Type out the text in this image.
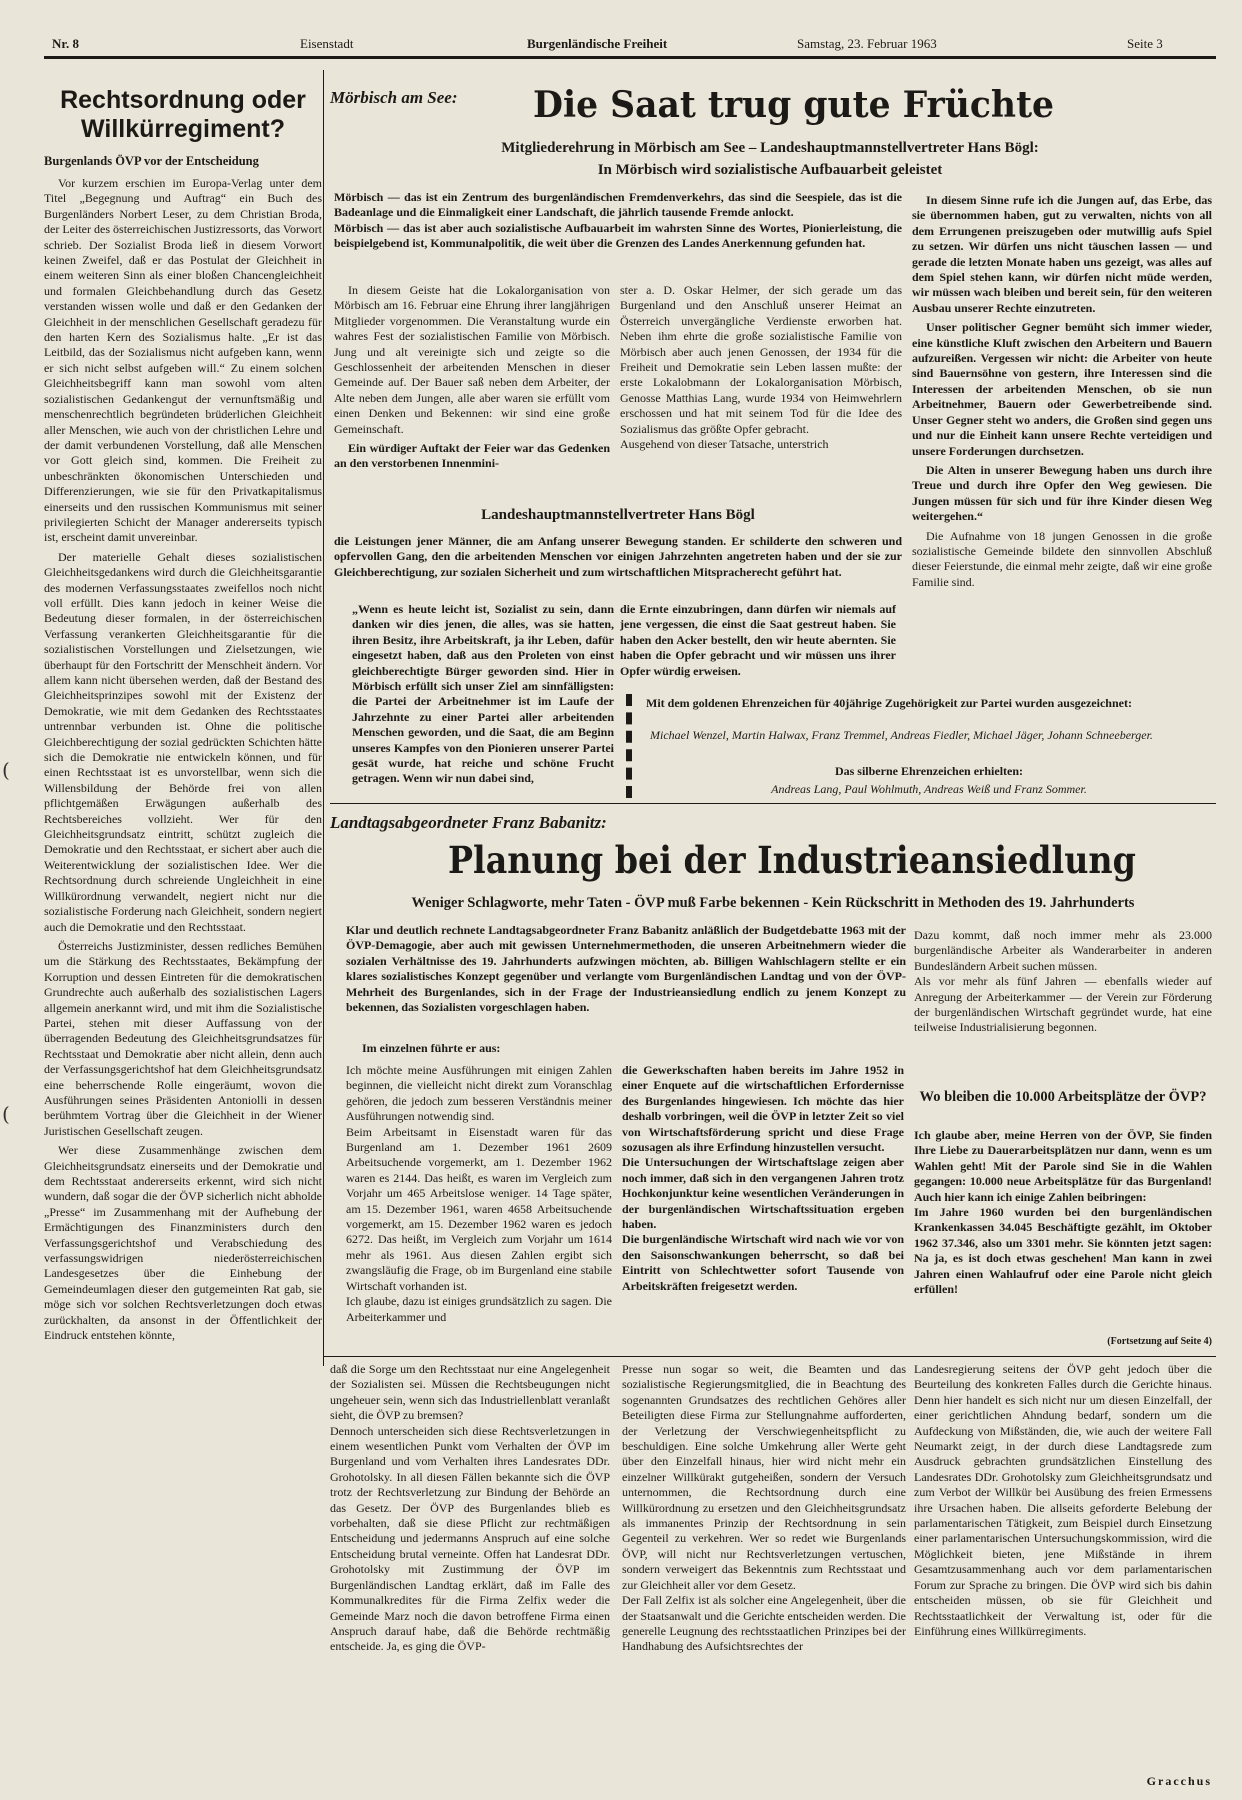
Nr. 8	Eisenstadt	Burgenländische Freiheit	Samstag, 23. Februar 1963	Seite 3
Rechtsordnung oder
Willkürregiment?
Burgenlands ÖVP vor der Entscheidung

Vor kurzem erschien im Europa-Verlag unter dem Titel „Begegnung und Auftrag“ ein Buch des Burgenländers Norbert Leser, zu dem Christian Broda, der Leiter des österreichischen Justizressorts, das Vorwort schrieb. Der Sozialist Broda ließ in diesem Vorwort keinen Zweifel, daß er das Postulat der Gleichheit in einem weiteren Sinn als einer bloßen Chancengleichheit und formalen Gleichbehandlung durch das Gesetz verstanden wissen wolle und daß er den Gedanken der Gleichheit in der menschlichen Gesellschaft geradezu für den harten Kern des Sozialismus halte. „Er ist das Leitbild, das der Sozialismus nicht aufgeben kann, wenn er sich nicht selbst aufgeben will.“ Zu einem solchen Gleichheitsbegriff kann man sowohl vom alten sozialistischen Gedankengut der vernunftsmäßig und menschenrechtlich begründeten brüderlichen Gleichheit aller Menschen, wie auch von der christlichen Lehre und der damit verbundenen Vorstellung, daß alle Menschen vor Gott gleich sind, kommen. Die Freiheit zu unbeschränkten ökonomischen Unterschieden und Differenzierungen, wie sie für den Privatkapitalismus einerseits und den russischen Kommunismus mit seiner privilegierten Schicht der Manager andererseits typisch ist, erscheint damit unvereinbar.

Der materielle Gehalt dieses sozialistischen Gleichheitsgedankens wird durch die Gleichheitsgarantie des modernen Verfassungsstaates zweifellos noch nicht voll erfüllt. Dies kann jedoch in keiner Weise die Bedeutung dieser formalen, in der österreichischen Verfassung verankerten Gleichheitsgarantie für die sozialistischen Vorstellungen und Zielsetzungen, wie überhaupt für den Fortschritt der Menschheit ändern. Vor allem kann nicht übersehen werden, daß der Bestand des Gleichheitsprinzipes sowohl mit der Existenz der Demokratie, wie mit dem Gedanken des Rechtsstaates untrennbar verbunden ist. Ohne die politische Gleichberechtigung der sozial gedrückten Schichten hätte sich die Demokratie nie entwickeln können, und für einen Rechtsstaat ist es unvorstellbar, wenn sich die Willensbildung der Behörde frei von allen pflichtgemäßen Erwägungen außerhalb des Rechtsbereiches vollzieht. Wer für den Gleichheitsgrundsatz eintritt, schützt zugleich die Demokratie und den Rechtsstaat, er sichert aber auch die Weiterentwicklung der sozialistischen Idee. Wer die Rechtsordnung durch schreiende Ungleichheit in eine Willkürordnung verwandelt, negiert nicht nur die sozialistische Forderung nach Gleichheit, sondern negiert auch die Demokratie und den Rechtsstaat.

Österreichs Justizminister, dessen redliches Bemühen um die Stärkung des Rechtsstaates, Bekämpfung der Korruption und dessen Eintreten für die demokratischen Grundrechte auch außerhalb des sozialistischen Lagers allgemein anerkannt wird, und mit ihm die Sozialistische Partei, stehen mit dieser Auffassung von der überragenden Bedeutung des Gleichheitsgrundsatzes für Rechtsstaat und Demokratie aber nicht allein, denn auch der Verfassungsgerichtshof hat dem Gleichheitsgrundsatz eine beherrschende Rolle eingeräumt, wovon die Ausführungen seines Präsidenten Antoniolli in dessen berühmtem Vortrag über die Gleichheit in der Wiener Juristischen Gesellschaft zeugen.

Wer diese Zusammenhänge zwischen dem Gleichheitsgrundsatz einerseits und der Demokratie und dem Rechtsstaat andererseits erkennt, wird sich nicht wundern, daß sogar die der ÖVP sicherlich nicht abholde „Presse“ im Zusammenhang mit der Aufhebung der Ermächtigungen des Finanzministers durch den Verfassungsgerichtshof und Verabschiedung des verfassungswidrigen niederösterreichischen Landesgesetzes über die Einhebung der Gemeindeumlagen dieser den gutgemeinten Rat gab, sie möge sich vor solchen Rechtsverletzungen doch etwas zurückhalten, da ansonst in der Öffentlichkeit der Eindruck entstehen könnte,

Mörbisch am See: Die Saat trug gute Früchte
Mitgliederehrung in Mörbisch am See – Landeshauptmannstellvertreter Hans Bögl:
In Mörbisch wird sozialistische Aufbauarbeit geleistet
Mörbisch — das ist ein Zentrum des burgenländischen Fremdenverkehrs, das sind die Seespiele, das ist die Badeanlage und die Einmaligkeit einer Landschaft, die jährlich tausende Fremde anlockt.
Mörbisch — das ist aber auch sozialistische Aufbauarbeit im wahrsten Sinne des Wortes, Pionierleistung, die beispielgebend ist, Kommunalpolitik, die weit über die Grenzen des Landes Anerkennung gefunden hat.

In diesem Geiste hat die Lokalorganisation von Mörbisch am 16. Februar eine Ehrung ihrer langjährigen Mitglieder vorgenommen. Die Veranstaltung wurde ein wahres Fest der sozialistischen Familie von Mörbisch. Jung und alt vereinigte sich und zeigte so die Geschlossenheit der arbeitenden Menschen in dieser Gemeinde auf. Der Bauer saß neben dem Arbeiter, der Alte neben dem Jungen, alle aber waren sie erfüllt vom einen Denken und Bekennen: wir sind eine große Gemeinschaft.

Ein würdiger Auftakt der Feier war das Gedenken an den verstorbenen Innenmini-

ster a. D. Oskar Helmer, der sich gerade um das Burgenland und den Anschluß unserer Heimat an Österreich unvergängliche Verdienste erworben hat. Neben ihm ehrte die große sozialistische Familie von Mörbisch aber auch jenen Genossen, der 1934 für die Freiheit und Demokratie sein Leben lassen mußte: der erste Lokalobmann der Lokalorganisation Mörbisch, Genosse Matthias Lang, wurde 1934 von Heimwehrlern erschossen und hat mit seinem Tod für die Idee des Sozialismus das größte Opfer gebracht.
Ausgehend von dieser Tatsache, unterstrich
Landeshauptmannstellvertreter Hans Bögl
die Leistungen jener Männer, die am Anfang unserer Bewegung standen. Er schilderte den schweren und opfervollen Gang, den die arbeitenden Menschen vor einigen Jahrzehnten angetreten haben und der sie zur Gleichberechtigung, zur sozialen Sicherheit und zum wirtschaftlichen Mitspracherecht geführt hat.
„Wenn es heute leicht ist, Sozialist zu sein, dann danken wir dies jenen, die alles, was sie hatten, ihren Besitz, ihre Arbeitskraft, ja ihr Leben, dafür eingesetzt haben, daß aus den Proleten von einst gleichberechtigte Bürger geworden sind. Hier in Mörbisch erfüllt sich unser Ziel am sinnfälligsten: die Partei der Arbeitnehmer ist im Laufe der Jahrzehnte zu einer Partei aller arbeitenden Menschen geworden, und die Saat, die am Beginn unseres Kampfes von den Pionieren unserer Partei gesät wurde, hat reiche und schöne Frucht getragen. Wenn wir nun dabei sind,
die Ernte einzubringen, dann dürfen wir niemals auf jene vergessen, die einst die Saat gestreut haben. Sie haben den Acker bestellt, den wir heute abernten. Sie haben die Opfer gebracht und wir müssen uns ihrer Opfer würdig erweisen.

In diesem Sinne rufe ich die Jungen auf, das Erbe, das sie übernommen haben, gut zu verwalten, nichts von all dem Errungenen preiszugeben oder mutwillig aufs Spiel zu setzen. Wir dürfen uns nicht täuschen lassen — und gerade die letzten Monate haben uns gezeigt, was alles auf dem Spiel stehen kann, wir dürfen nicht müde werden, wir müssen wach bleiben und bereit sein, für den weiteren Ausbau unserer Rechte einzutreten.

Unser politischer Gegner bemüht sich immer wieder, eine künstliche Kluft zwischen den Arbeitern und Bauern aufzureißen. Vergessen wir nicht: die Arbeiter von heute sind Bauernsöhne von gestern, ihre Interessen sind die Interessen der arbeitenden Menschen, ob sie nun Arbeitnehmer, Bauern oder Gewerbetreibende sind. Unser Gegner steht wo anders, die Großen sind gegen uns und nur die Einheit kann unsere Rechte verteidigen und unsere Forderungen durchsetzen.

Die Alten in unserer Bewegung haben uns durch ihre Treue und durch ihre Opfer den Weg gewiesen. Die Jungen müssen für sich und für ihre Kinder diesen Weg weitergehen.“

Die Aufnahme von 18 jungen Genossen in die große sozialistische Gemeinde bildete den sinnvollen Abschluß dieser Feierstunde, die einmal mehr zeigte, daß wir eine große Familie sind.

Mit dem goldenen Ehrenzeichen für 40jährige Zugehörigkeit zur Partei wurden ausgezeichnet:
Michael Wenzel, Martin Halwax, Franz Tremmel, Andreas Fiedler, Michael Jäger, Johann Schneeberger.
Das silberne Ehrenzeichen erhielten:
Andreas Lang, Paul Wohlmuth, Andreas Weiß und Franz Sommer.
Landtagsabgeordneter Franz Babanitz:
Planung bei der Industrieansiedlung
Weniger Schlagworte, mehr Taten - ÖVP muß Farbe bekennen - Kein Rückschritt in Methoden des 19. Jahrhunderts
Klar und deutlich rechnete Landtagsabgeordneter Franz Babanitz anläßlich der Budgetdebatte 1963 mit der ÖVP-Demagogie, aber auch mit gewissen Unternehmermethoden, die unseren Arbeitnehmern wieder die sozialen Verhältnisse des 19. Jahrhunderts aufzwingen möchten, ab. Billigen Wahlschlagern stellte er ein klares sozialistisches Konzept gegenüber und verlangte vom Burgenländischen Landtag und von der ÖVP-Mehrheit des Burgenlandes, sich in der Frage der Industrieansiedlung endlich zu jenem Konzept zu bekennen, das Sozialisten vorgeschlagen haben.
Im einzelnen führte er aus:
Ich möchte meine Ausführungen mit einigen Zahlen beginnen, die vielleicht nicht direkt zum Voranschlag gehören, die jedoch zum besseren Verständnis meiner Ausführungen notwendig sind.
Beim Arbeitsamt in Eisenstadt waren für das Burgenland am 1. Dezember 1961 2609 Arbeitsuchende vorgemerkt, am 1. Dezember 1962 waren es 2144. Das heißt, es waren im Vergleich zum Vorjahr um 465 Arbeitslose weniger. 14 Tage später, am 15. Dezember 1961, waren 4658 Arbeitsuchende vorgemerkt, am 15. Dezember 1962 waren es jedoch 6272. Das heißt, im Vergleich zum Vorjahr um 1614 mehr als 1961. Aus diesen Zahlen ergibt sich zwangsläufig die Frage, ob im Burgenland eine stabile Wirtschaft vorhanden ist.
Ich glaube, dazu ist einiges grundsätzlich zu sagen. Die Arbeiterkammer und
die Gewerkschaften haben bereits im Jahre 1952 in einer Enquete auf die wirtschaftlichen Erfordernisse des Burgenlandes hingewiesen. Ich möchte das hier deshalb vorbringen, weil die ÖVP in letzter Zeit so viel von Wirtschaftsförderung spricht und diese Frage sozusagen als ihre Erfindung hinzustellen versucht.
Die Untersuchungen der Wirtschaftslage zeigen aber noch immer, daß sich in den vergangenen Jahren trotz Hochkonjunktur keine wesentlichen Veränderungen in der burgenländischen Wirtschaftssituation ergeben haben.
Die burgenländische Wirtschaft wird nach wie vor von den Saisonschwankungen beherrscht, so daß bei Eintritt von Schlechtwetter sofort Tausende von Arbeitskräften freigesetzt werden.
Dazu kommt, daß noch immer mehr als 23.000 burgenländische Arbeiter als Wanderarbeiter in anderen Bundesländern Arbeit suchen müssen.
Als vor mehr als fünf Jahren — ebenfalls wieder auf Anregung der Arbeiterkammer — der Verein zur Förderung der burgenländischen Wirtschaft gegründet wurde, hat eine teilweise Industrialisierung begonnen.
Wo bleiben die 10.000 Arbeitsplätze der ÖVP?
Ich glaube aber, meine Herren von der ÖVP, Sie finden Ihre Liebe zu Dauerarbeitsplätzen nur dann, wenn es um Wahlen geht! Mit der Parole sind Sie in die Wahlen gegangen: 10.000 neue Arbeitsplätze für das Burgenland! Auch hier kann ich einige Zahlen beibringen:
Im Jahre 1960 wurden bei den burgenländischen Krankenkassen 34.045 Beschäftigte gezählt, im Oktober 1962 37.346, also um 3301 mehr. Sie könnten jetzt sagen: Na ja, es ist doch etwas geschehen! Man kann in zwei Jahren einen Wahlaufruf oder eine Parole nicht gleich erfüllen!
(Fortsetzung auf Seite 4)

daß die Sorge um den Rechtsstaat nur eine Angelegenheit der Sozialisten sei. Müssen die Rechtsbeugungen nicht ungeheuer sein, wenn sich das Industriellenblatt veranlaßt sieht, die ÖVP zu bremsen?
Dennoch unterscheiden sich diese Rechtsverletzungen in einem wesentlichen Punkt vom Verhalten der ÖVP im Burgenland und vom Verhalten ihres Landesrates DDr. Grohotolsky. In all diesen Fällen bekannte sich die ÖVP trotz der Rechtsverletzung zur Bindung der Behörde an das Gesetz. Der ÖVP des Burgenlandes blieb es vorbehalten, daß sie diese Pflicht zur rechtmäßigen Entscheidung und jedermanns Anspruch auf eine solche Entscheidung brutal verneinte. Offen hat Landesrat DDr. Grohotolsky mit Zustimmung der ÖVP im Burgenländischen Landtag erklärt, daß im Falle des Kommunalkredites für die Firma Zelfix weder die Gemeinde Marz noch die davon betroffene Firma einen Anspruch darauf habe, daß die Behörde rechtmäßig entscheide. Ja, es ging die ÖVP-
Presse nun sogar so weit, die Beamten und das sozialistische Regierungsmitglied, die in Beachtung des sogenannten Grundsatzes des rechtlichen Gehöres aller Beteiligten diese Firma zur Stellungnahme aufforderten, der Verletzung der Verschwiegenheitspflicht zu beschuldigen. Eine solche Umkehrung aller Werte geht über den Einzelfall hinaus, hier wird nicht mehr ein einzelner Willkürakt gutgeheißen, sondern der Versuch unternommen, die Rechtsordnung durch eine Willkürordnung zu ersetzen und den Gleichheitsgrundsatz als immanentes Prinzip der Rechtsordnung in sein Gegenteil zu verkehren. Wer so redet wie Burgenlands ÖVP, will nicht nur Rechtsverletzungen vertuschen, sondern verweigert das Bekenntnis zum Rechtsstaat und zur Gleichheit aller vor dem Gesetz.
Der Fall Zelfix ist als solcher eine Angelegenheit, über die der Staatsanwalt und die Gerichte entscheiden werden. Die generelle Leugnung des rechtsstaatlichen Prinzipes bei der Handhabung des Aufsichtsrechtes der
Landesregierung seitens der ÖVP geht jedoch über die Beurteilung des konkreten Falles durch die Gerichte hinaus. Denn hier handelt es sich nicht nur um diesen Einzelfall, der einer gerichtlichen Ahndung bedarf, sondern um die Aufdeckung von Mißständen, die, wie auch der weitere Fall Neumarkt zeigt, in der durch diese Landtagsrede zum Ausdruck gebrachten grundsätzlichen Einstellung des Landesrates DDr. Grohotolsky zum Gleichheitsgrundsatz und zum Verbot der Willkür bei Ausübung des freien Ermessens ihre Ursachen haben. Die allseits geforderte Belebung der parlamentarischen Tätigkeit, zum Beispiel durch Einsetzung einer parlamentarischen Untersuchungskommission, wird die Möglichkeit bieten, jene Mißstände in ihrem Gesamtzusammenhang auch vor dem parlamentarischen Forum zur Sprache zu bringen. Die ÖVP wird sich bis dahin entscheiden müssen, ob sie für Gleichheit und Rechtsstaatlichkeit der Verwaltung ist, oder für die Einführung eines Willkürregiments.
Gracchus
(
(
